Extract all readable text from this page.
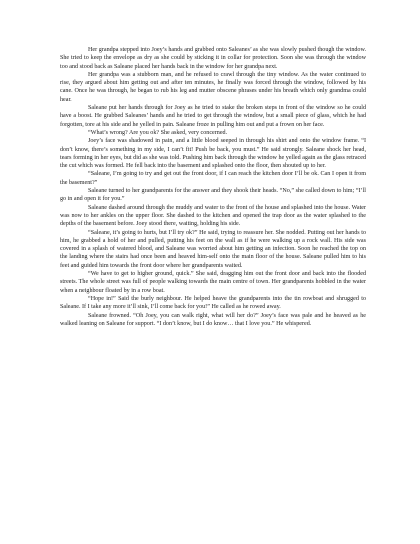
Her grandpa stepped into Joey’s hands and grabbed onto Saleanes’ as she was slowly pushed though the window. She tried to keep the envelope as dry as she could by sticking it in collar for protection. Soon she was through the window too and stood back as Saleane placed her hands back in the window for her grandpa next.

Her grandpa was a stubborn man, and he refused to crawl through the tiny window. As the water continued to rise, they argued about him getting out and after ten minutes, he finally was forced through the window, followed by his cane. Once he was through, he began to rub his leg and mutter obscene phrases under his breath which only grandma could hear.

Saleane put her hands through for Joey as he tried to stake the broken steps in front of the window so he could have a boost. He grabbed Saleanes’ hands and he tried to get through the window, but a small piece of glass, which he had forgotten, tore at his side and he yelled in pain. Saleane froze in pulling him out and put a frown on her face.

“What’s wrong? Are you ok? She asked, very concerned.

Joey’s face was shadowed in pain, and a little blood seeped in through his shirt and onto the window frame. “I don’t know, there’s something in my side, I can’t fit! Push be back, you must.” He said strongly. Saleane shock her head, tears forming in her eyes, but did as she was told. Pushing him back through the window he yelled again as the glass retraced the cut which was formed. He fell back into the basement and splashed onto the floor, then shouted up to her.

“Saleane, I’m going to try and get out the front door, if I can reach the kitchen door I’ll be ok. Can I open it from the basement?”

Saleane turned to her grandparents for the answer and they shook their heads. “No,” she called down to him; “I’ll go in and open it for you.”

Saleane dashed around through the muddy and water to the front of the house and splashed into the house. Water was now to her ankles on the upper floor. She dashed to the kitchen and opened the trap door as the water splashed to the depths of the basement before. Joey stood there, waiting, holding his side.

“Saleane, it’s going to hurts, but I’ll try ok?” He said, trying to reassure her. She nodded. Putting out her hands to him, he grabbed a hold of her and pulled, putting his feet on the wall as if he were walking up a rock wall. His side was covered in a splash of watered blood, and Saleane was worried about him getting an infection. Soon he reached the top on the landing where the stairs had once been and heaved him-self onto the main floor of the house. Saleane pulled him to his feet and guided him towards the front door where her grandparents waited.

“We have to get to higher ground, quick.” She said, dragging him out the front door and back into the flooded streets. The whole street was full of people walking towards the main centre of town. Her grandparents hobbled in the water when a neighbour floated by in a row boat.

“Hope in!” Said the burly neighbour. He helped heave the grandparents into the tin rowboat and shrugged to Saleane. If I take any more it’ll sink, I’ll come back for you!” He called as he rowed away.

Saleane frowned. “Oh Joey, you can walk right, what will her do?” Joey’s face was pale and he heaved as he walked leaning on Saleane for support. “I don’t know, but I do know… that I love you.” He whispered.
